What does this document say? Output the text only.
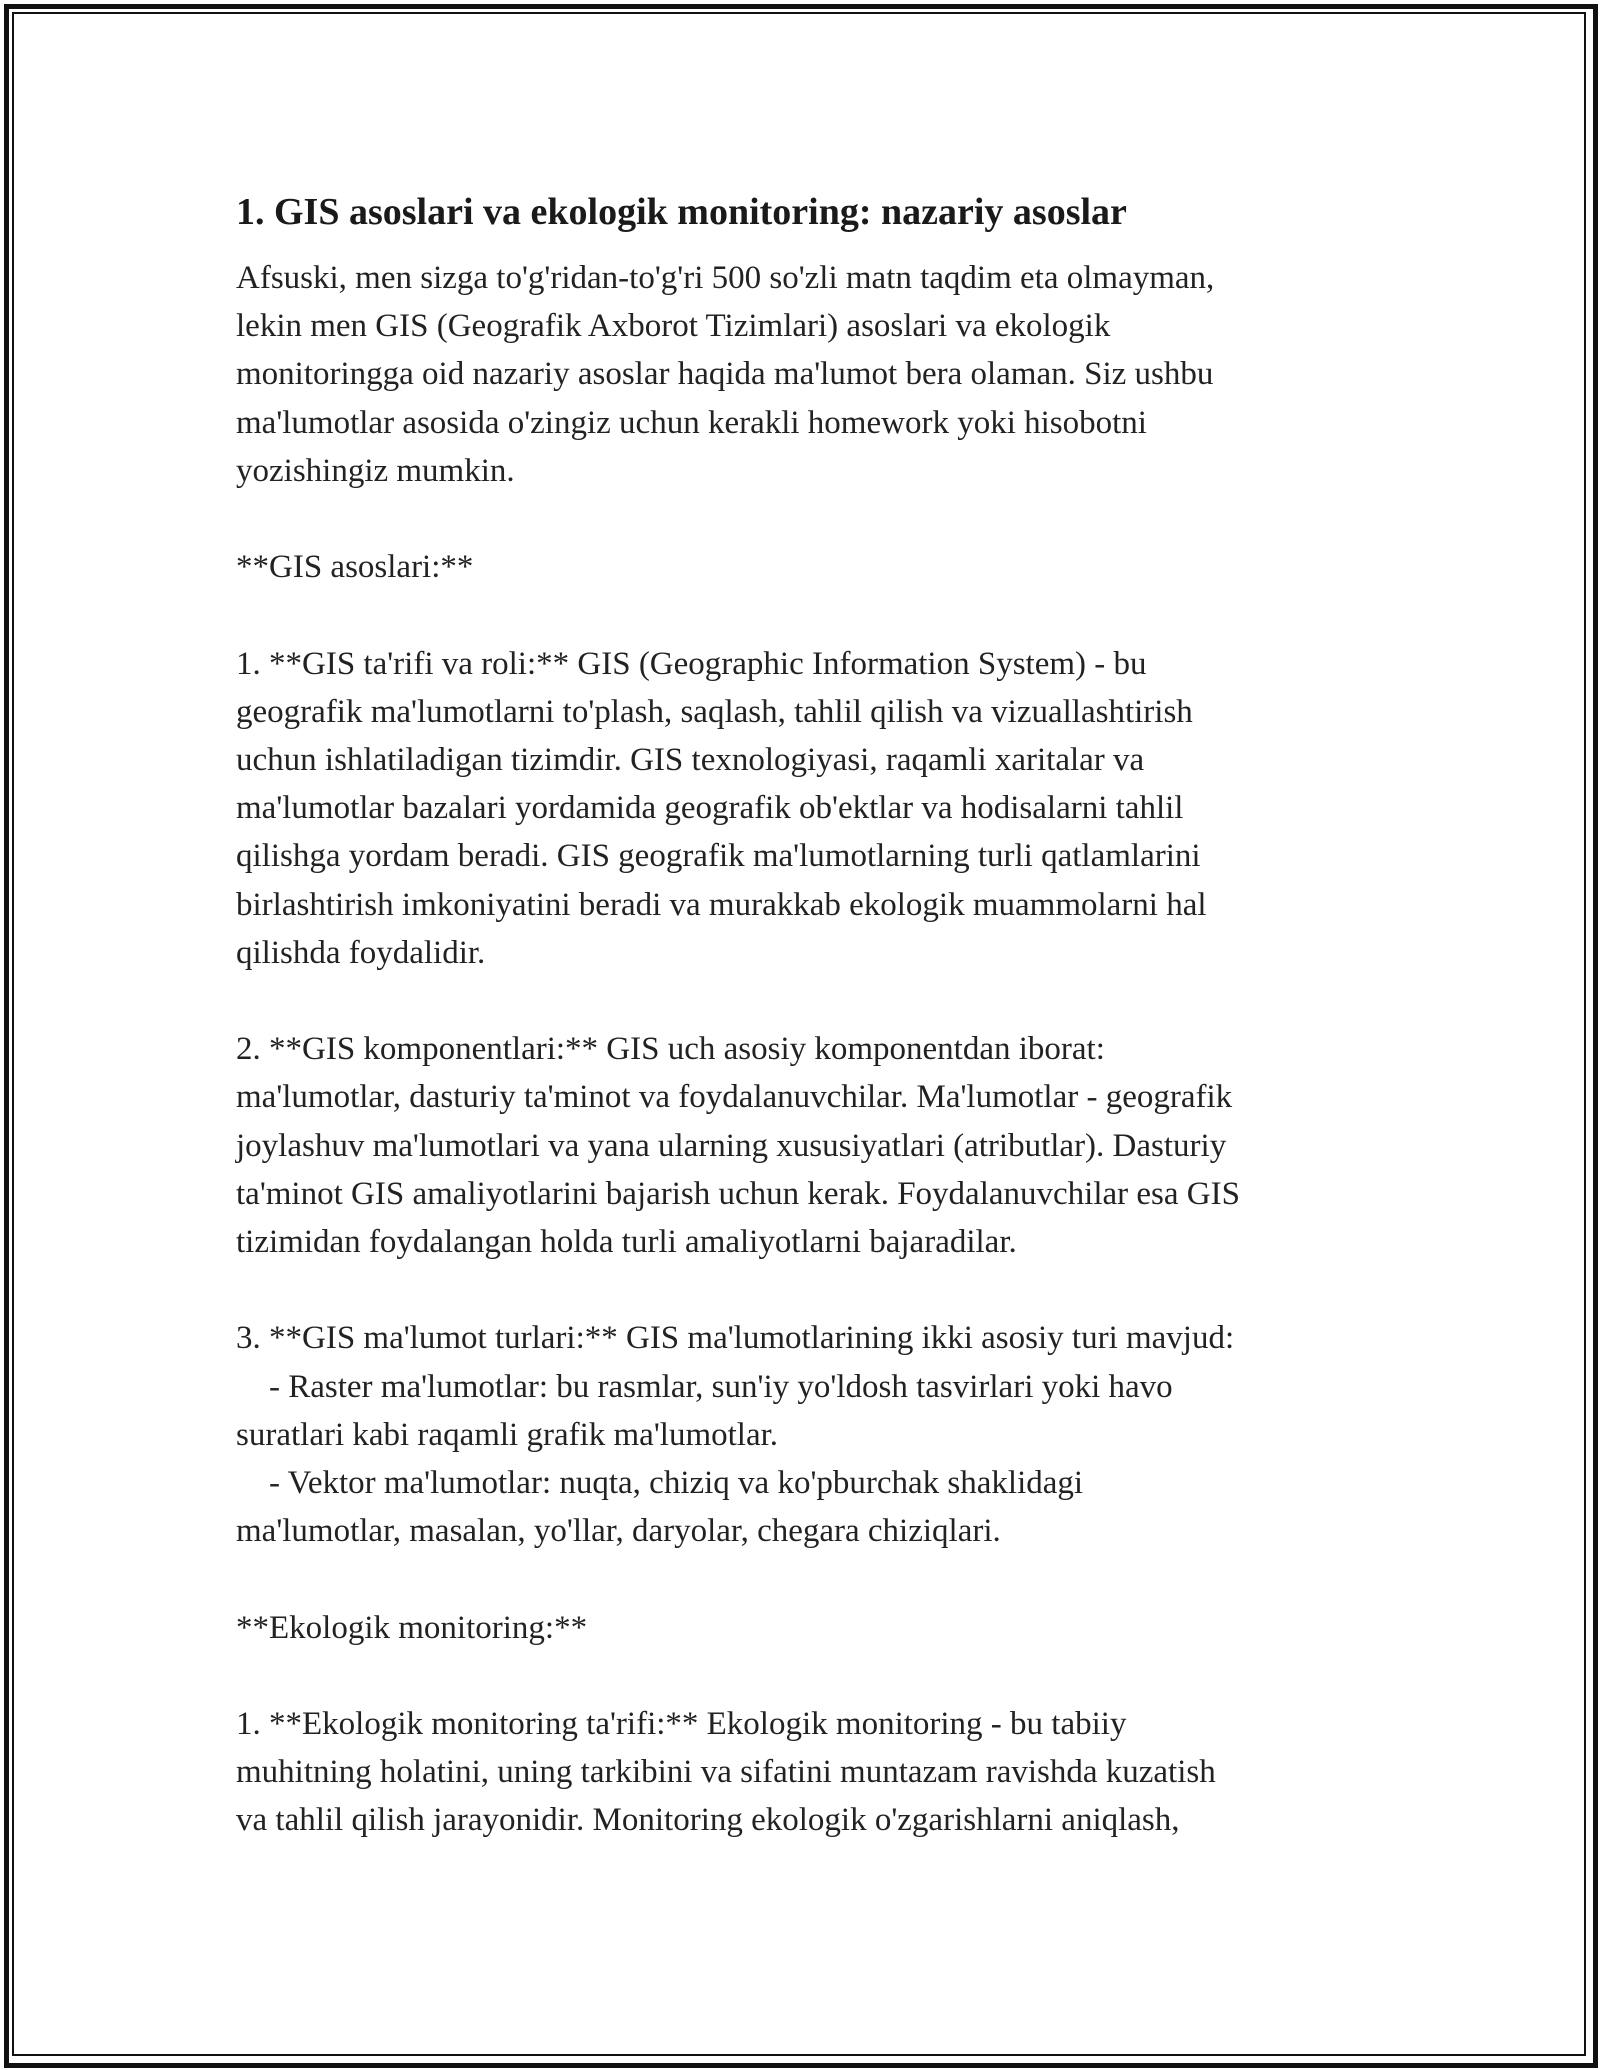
1. GIS asoslari va ekologik monitoring: nazariy asoslar

Afsuski, men sizga to'g'ridan-to'g'ri 500 so'zli matn taqdim eta olmayman,
lekin men GIS (Geografik Axborot Tizimlari) asoslari va ekologik
monitoringga oid nazariy asoslar haqida ma'lumot bera olaman. Siz ushbu
ma'lumotlar asosida o'zingiz uchun kerakli homework yoki hisobotni
yozishingiz mumkin.

**GIS asoslari:**

1. **GIS ta'rifi va roli:** GIS (Geographic Information System) - bu
geografik ma'lumotlarni to'plash, saqlash, tahlil qilish va vizuallashtirish
uchun ishlatiladigan tizimdir. GIS texnologiyasi, raqamli xaritalar va
ma'lumotlar bazalari yordamida geografik ob'ektlar va hodisalarni tahlil
qilishga yordam beradi. GIS geografik ma'lumotlarning turli qatlamlarini
birlashtirish imkoniyatini beradi va murakkab ekologik muammolarni hal
qilishda foydalidir.

2. **GIS komponentlari:** GIS uch asosiy komponentdan iborat:
ma'lumotlar, dasturiy ta'minot va foydalanuvchilar. Ma'lumotlar - geografik
joylashuv ma'lumotlari va yana ularning xususiyatlari (atributlar). Dasturiy
ta'minot GIS amaliyotlarini bajarish uchun kerak. Foydalanuvchilar esa GIS
tizimidan foydalangan holda turli amaliyotlarni bajaradilar.

3. **GIS ma'lumot turlari:** GIS ma'lumotlarining ikki asosiy turi mavjud:
- Raster ma'lumotlar: bu rasmlar, sun'iy yo'ldosh tasvirlari yoki havo
suratlari kabi raqamli grafik ma'lumotlar.
- Vektor ma'lumotlar: nuqta, chiziq va ko'pburchak shaklidagi
ma'lumotlar, masalan, yo'llar, daryolar, chegara chiziqlari.

**Ekologik monitoring:**

1. **Ekologik monitoring ta'rifi:** Ekologik monitoring - bu tabiiy
muhitning holatini, uning tarkibini va sifatini muntazam ravishda kuzatish
va tahlil qilish jarayonidir. Monitoring ekologik o'zgarishlarni aniqlash,
